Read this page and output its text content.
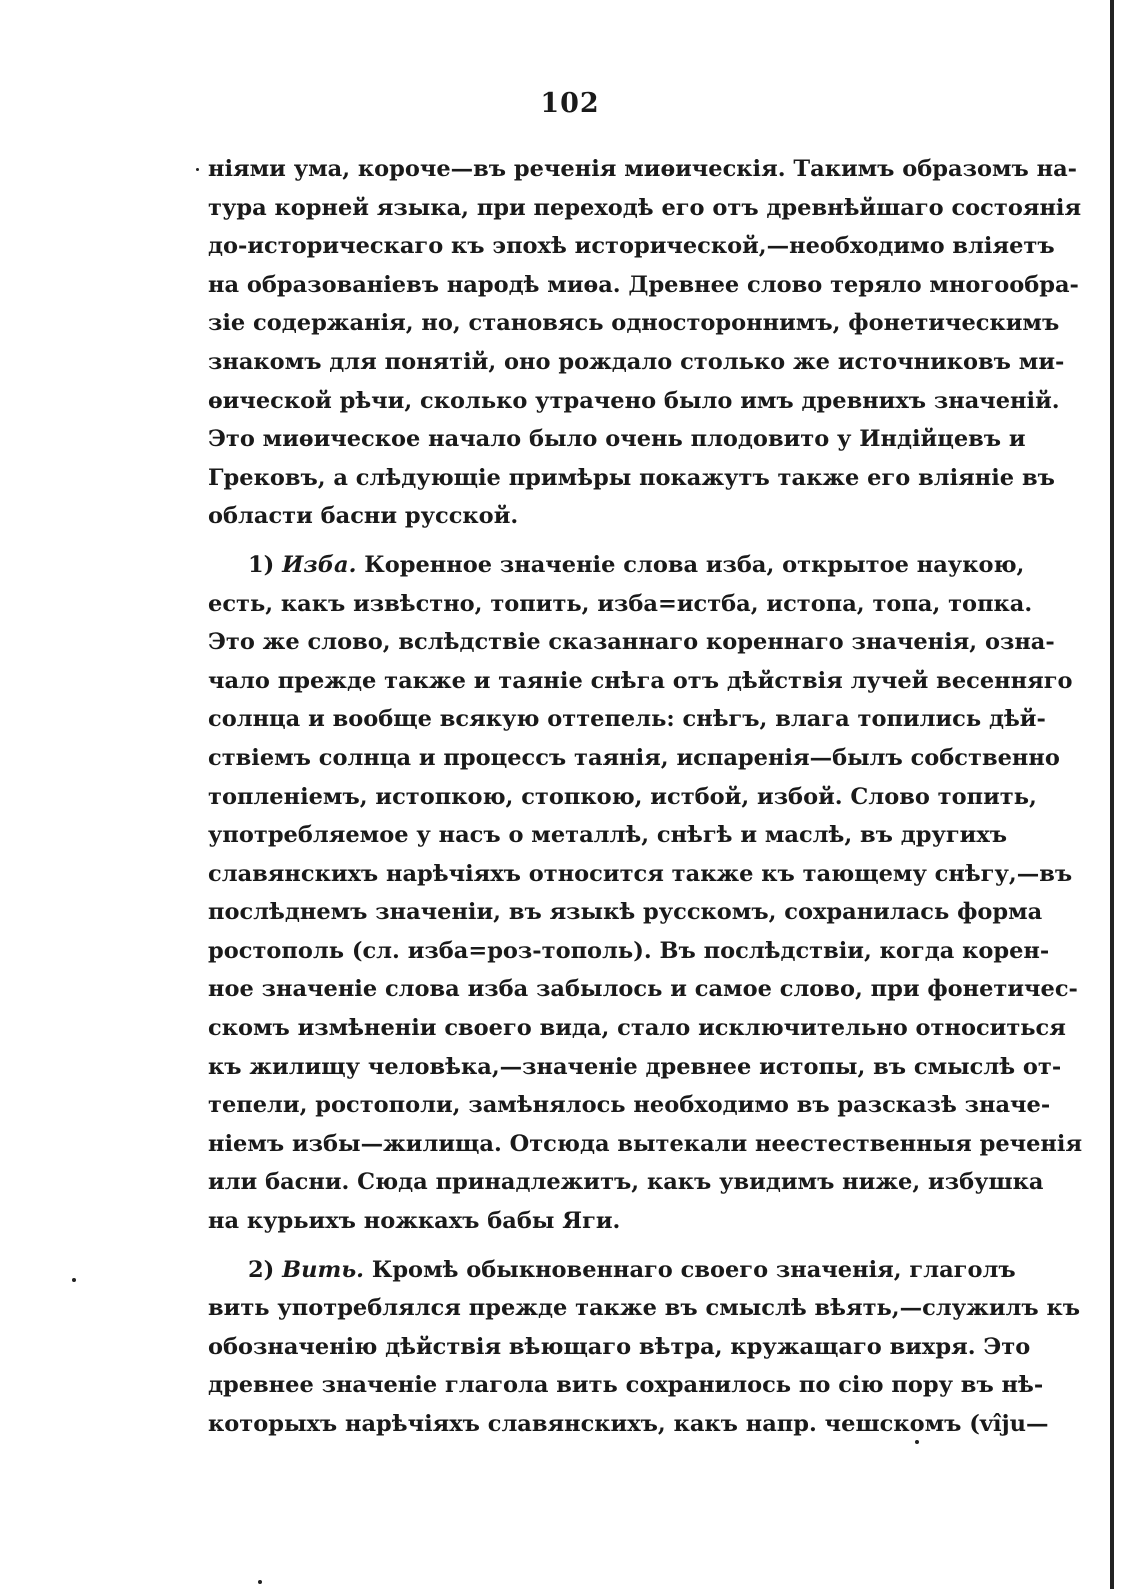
102
ніями ума, короче—въ реченія миѳическія. Такимъ образомъ на-
тура корней языка, при переходѣ его отъ древнѣйшаго состоянія
до-историческаго къ эпохѣ исторической,—необходимо вліяетъ
на образованіевъ народѣ миѳа. Древнее слово теряло многообра-
зіе содержанія, но, становясь одностороннимъ, фонетическимъ
знакомъ для понятій, оно рождало столько же источниковъ ми-
ѳической рѣчи, сколько утрачено было имъ древнихъ значеній.
Это миѳическое начало было очень плодовито у Индійцевъ и
Грековъ, а слѣдующіе примѣры покажутъ также его вліяніе въ
области басни русской.
1) Изба. Коренное значеніе слова изба, открытое наукою,
есть, какъ извѣстно, топить, изба=истба, истопа, топа, топка.
Это же слово, вслѣдствіе сказаннаго кореннаго значенія, озна-
чало прежде также и таяніе снѣга отъ дѣйствія лучей весенняго
солнца и вообще всякую оттепель: снѣгъ, влага топились дѣй-
ствіемъ солнца и процессъ таянія, испаренія—былъ собственно
топленіемъ, истопкою, стопкою, истбой, избой. Слово топить,
употребляемое у насъ о металлѣ, снѣгѣ и маслѣ, въ другихъ
славянскихъ нарѣчіяхъ относится также къ тающему снѣгу,—въ
послѣднемъ значеніи, въ языкѣ русскомъ, сохранилась форма
ростополь (сл. изба=роз-тополь). Въ послѣдствіи, когда корен-
ное значеніе слова изба забылось и самое слово, при фонетичес-
скомъ измѣненіи своего вида, стало исключительно относиться
къ жилищу человѣка,—значеніе древнее истопы, въ смыслѣ от-
тепели, ростополи, замѣнялось необходимо въ разсказѣ значе-
ніемъ избы—жилища. Отсюда вытекали неестественныя реченія
или басни. Сюда принадлежитъ, какъ увидимъ ниже, избушка
на курьихъ ножкахъ бабы Яги.
2) Вить. Кромѣ обыкновеннаго своего значенія, глаголъ
вить употреблялся прежде также въ смыслѣ вѣять,—служилъ къ
обозначенію дѣйствія вѣющаго вѣтра, кружащаго вихря. Это
древнее значеніе глагола вить сохранилось по сію пору въ нѣ-
которыхъ нарѣчіяхъ славянскихъ, какъ напр. чешскомъ (vîju—
